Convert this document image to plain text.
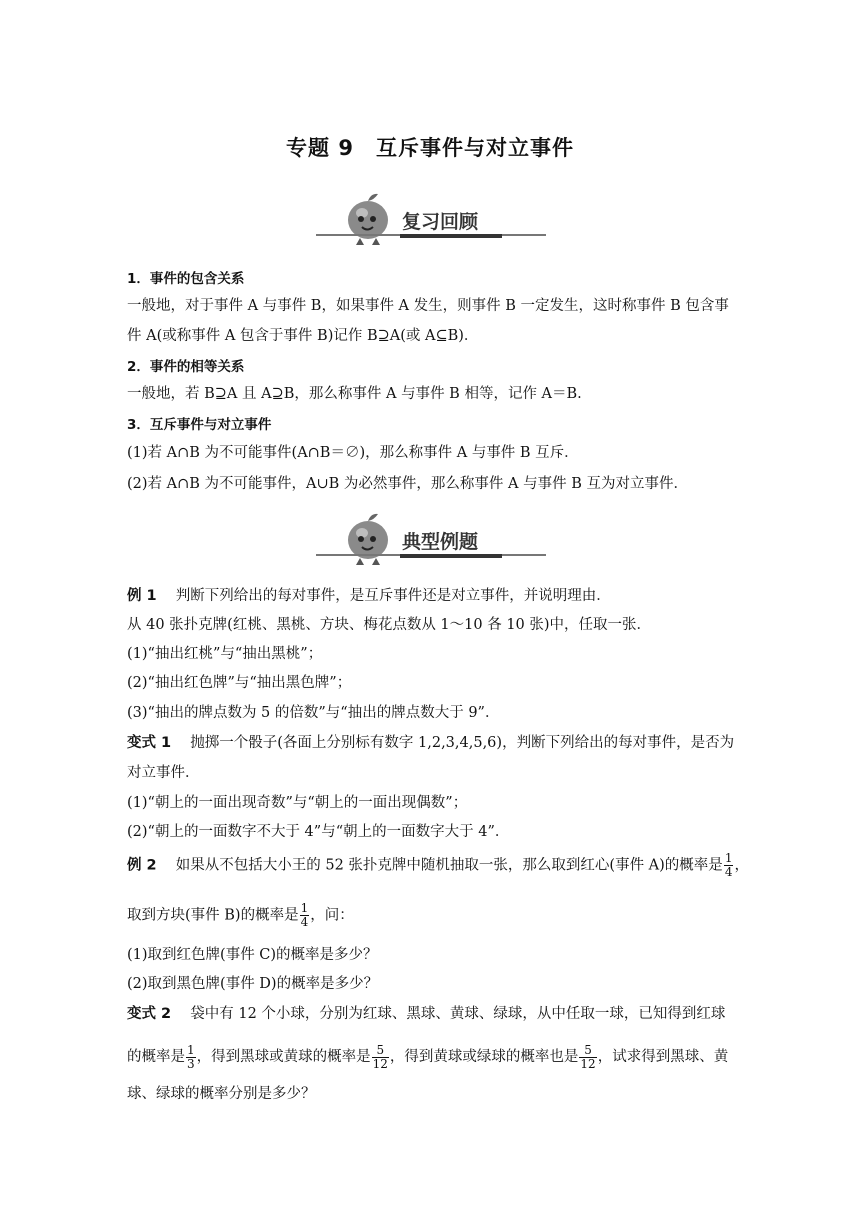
专题 9　互斥事件与对立事件
复习回顾
1．事件的包含关系
一般地，对于事件 A 与事件 B，如果事件 A 发生，则事件 B 一定发生，这时称事件 B 包含事
件 A(或称事件 A 包含于事件 B)记作 B⊇A(或 A⊆B)．
2．事件的相等关系
一般地，若 B⊇A 且 A⊇B，那么称事件 A 与事件 B 相等，记作 A＝B.
3．互斥事件与对立事件
(1)若 A∩B 为不可能事件(A∩B＝∅)，那么称事件 A 与事件 B 互斥．
(2)若 A∩B 为不可能事件，A∪B 为必然事件，那么称事件 A 与事件 B 互为对立事件．
典型例题
例 1　 判断下列给出的每对事件，是互斥事件还是对立事件，并说明理由．
从 40 张扑克牌(红桃、黑桃、方块、梅花点数从 1～10 各 10 张)中，任取一张．
(1)“抽出红桃”与“抽出黑桃”；
(2)“抽出红色牌”与“抽出黑色牌”；
(3)“抽出的牌点数为 5 的倍数”与“抽出的牌点数大于 9”．
变式 1　 抛掷一个骰子(各面上分别标有数字 1,2,3,4,5,6)，判断下列给出的每对事件，是否为
对立事件．
(1)“朝上的一面出现奇数”与“朝上的一面出现偶数”；
(2)“朝上的一面数字不大于 4”与“朝上的一面数字大于 4”．
例 2　 如果从不包括大小王的 52 张扑克牌中随机抽取一张，那么取到红心(事件 A)的概率是 $\frac{1}{4}$ ，
取到方块(事件 B)的概率是 $\frac{1}{4}$ ，问：
(1)取到红色牌(事件 C)的概率是多少？
(2)取到黑色牌(事件 D)的概率是多少？
变式 2　 袋中有 12 个小球，分别为红球、黑球、黄球、绿球，从中任取一球，已知得到红球
的概率是 $\frac{1}{3}$ ，得到黑球或黄球的概率是 $\frac{5}{12}$ ，得到黄球或绿球的概率也是 $\frac{5}{12}$ ，试求得到黑球、黄
球、绿球的概率分别是多少？
